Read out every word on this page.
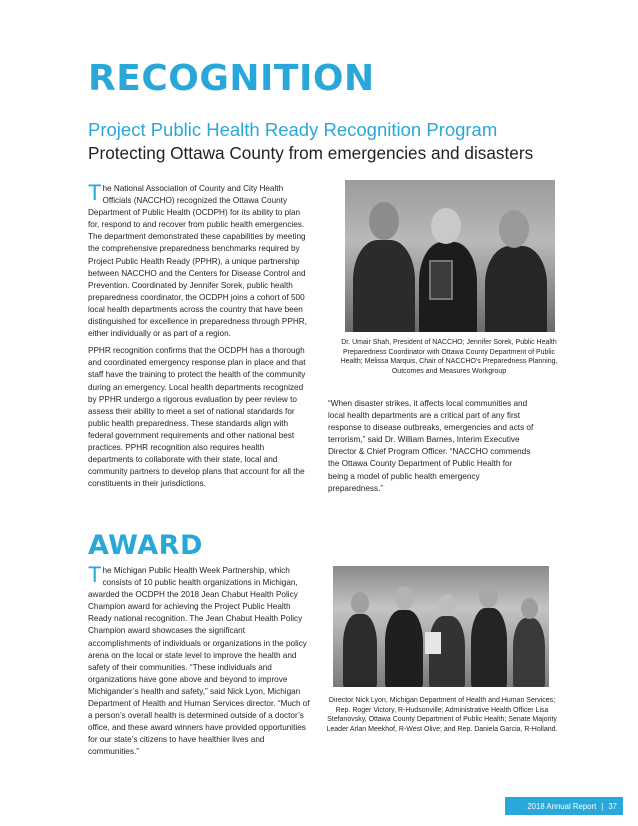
RECOGNITION
Project Public Health Ready Recognition Program
Protecting Ottawa County from emergencies and disasters

The National Association of County and City Health Officials (NACCHO) recognized the Ottawa County Department of Public Health (OCDPH) for its ability to plan for, respond to and recover from public health emergencies. The department demonstrated these capabilities by meeting the comprehensive preparedness benchmarks required by Project Public Health Ready (PPHR), a unique partnership between NACCHO and the Centers for Disease Control and Prevention. Coordinated by Jennifer Sorek, public health preparedness coordinator, the OCDPH joins a cohort of 500 local health departments across the country that have been distinguished for excellence in preparedness through PPHR, either individually or as part of a region.

PPHR recognition confirms that the OCDPH has a thorough and coordinated emergency response plan in place and that staff have the training to protect the health of the community during an emergency. Local health departments recognized by PPHR undergo a rigorous evaluation by peer review to assess their ability to meet a set of national standards for public health preparedness. These standards align with federal government requirements and other national best practices. PPHR recognition also requires health departments to collaborate with their state, local and community partners to develop plans that account for all the constituents in their jurisdictions.

Dr. Umair Shah, President of NACCHO; Jennifer Sorek, Public Health Preparedness Coordinator with Ottawa County Department of Public Health; Melissa Marquis, Chair of NACCHO's Preparedness Planning, Outcomes and Measures Workgroup
“When disaster strikes, it affects local communities and local health departments are a critical part of any first response to disease outbreaks, emergencies and acts of terrorism,” said Dr. William Barnes, Interim Executive Director & Chief Program Officer. “NACCHO commends the Ottawa County Department of Public Health for being a model of public health emergency preparedness.”
AWARD

The Michigan Public Health Week Partnership, which consists of 10 public health organizations in Michigan, awarded the OCDPH the 2018 Jean Chabut Health Policy Champion award for achieving the Project Public Health Ready national recognition. The Jean Chabut Health Policy Champion award showcases the significant accomplishments of individuals or organizations in the policy arena on the local or state level to improve the health and safety of their communities. “These individuals and organizations have gone above and beyond to improve Michigander’s health and safety,” said Nick Lyon, Michigan Department of Health and Human Services director. “Much of a person’s overall health is determined outside of a doctor’s office, and these award winners have provided opportunities for our state’s citizens to have healthier lives and communities.”

Director Nick Lyon, Michigan Department of Health and Human Services; Rep. Roger Victory, R-Hudsonville; Administrative Health Officer Lisa Stefanovsky, Ottawa County Department of Public Health; Senate Majority Leader Arlan Meekhof, R-West Olive; and Rep. Daniela Garcia, R-Holland.
2018 Annual Report | 37
